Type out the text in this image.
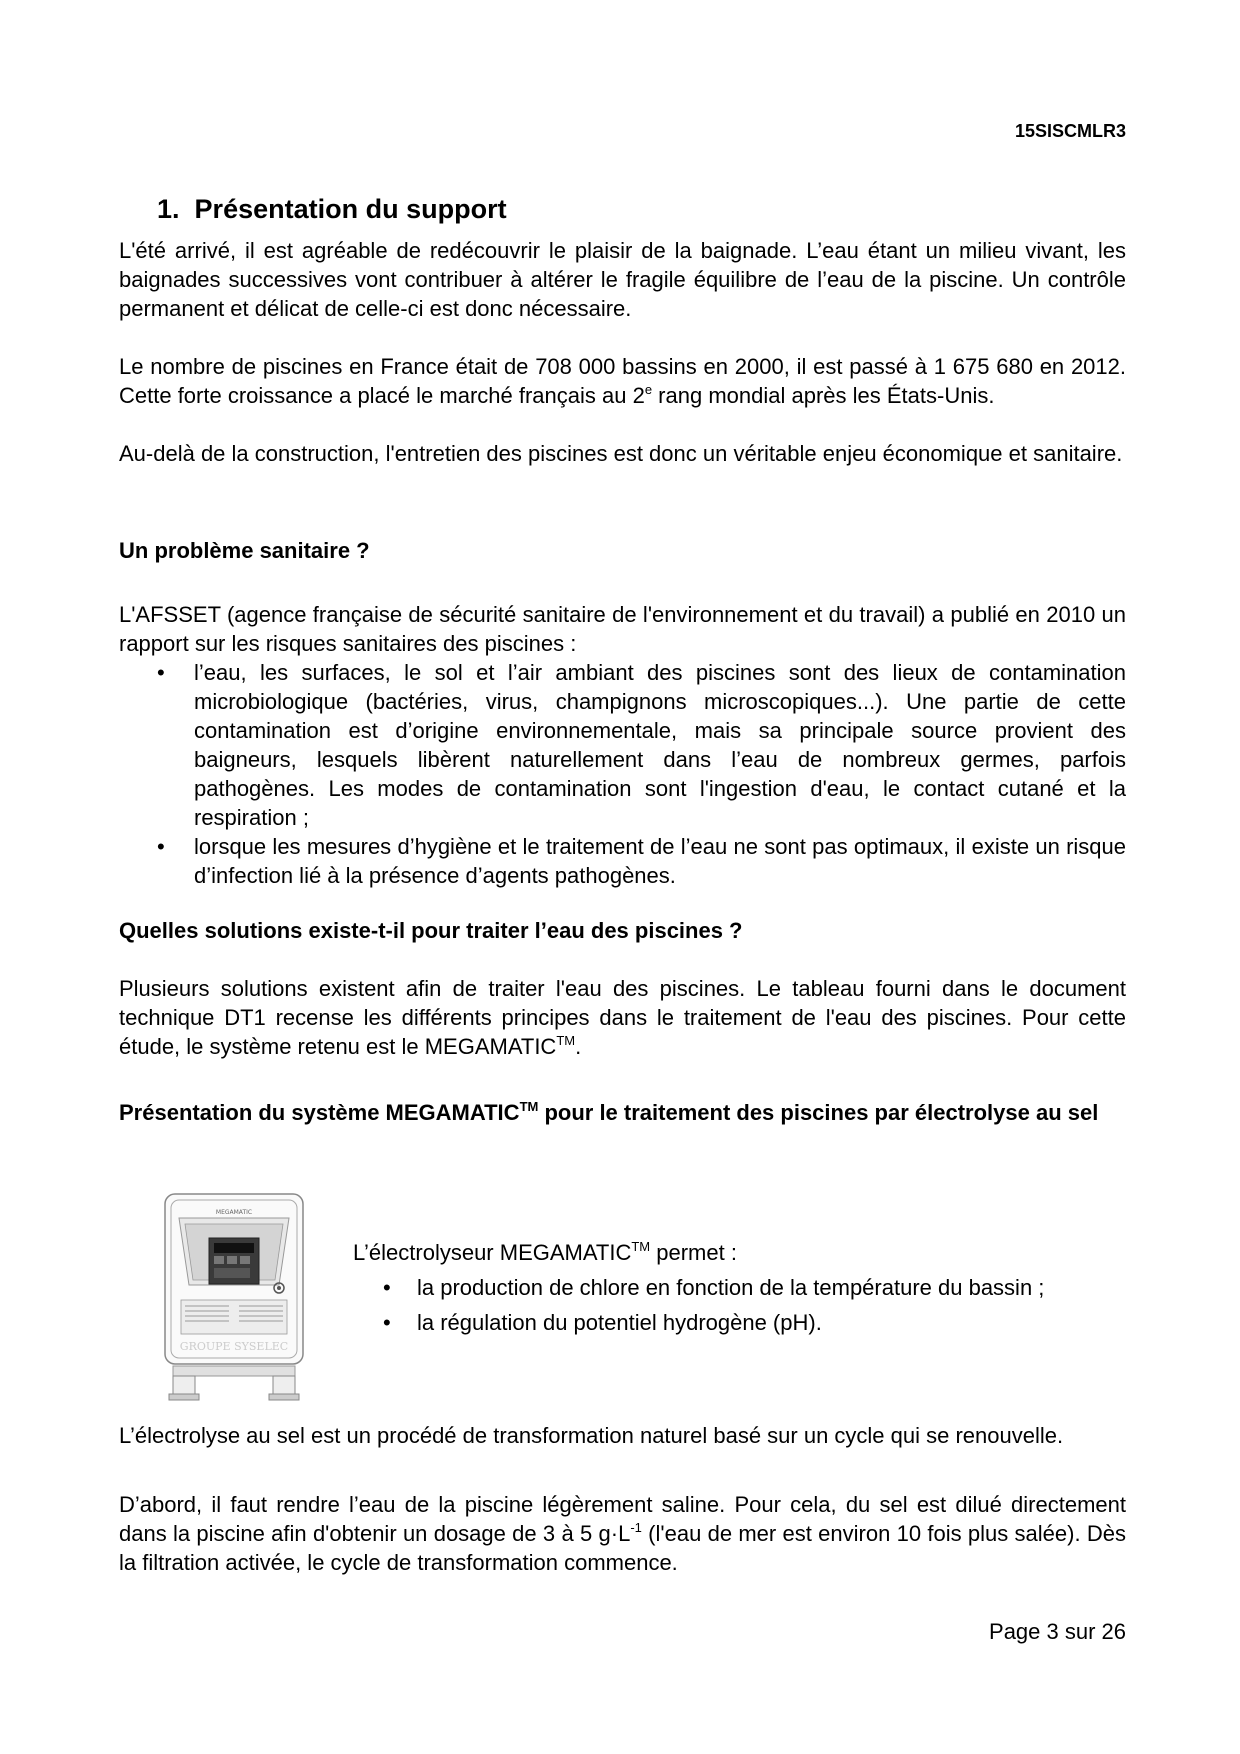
15SISCMLR3
1. Présentation du support

L'été arrivé, il est agréable de redécouvrir le plaisir de la baignade. L’eau étant un milieu vivant, les baignades successives vont contribuer à altérer le fragile équilibre de l’eau de la piscine. Un contrôle permanent et délicat de celle-ci est donc nécessaire.

Le nombre de piscines en France était de 708 000 bassins en 2000, il est passé à 1 675 680 en 2012. Cette forte croissance a placé le marché français au 2e rang mondial après les États-Unis.

Au-delà de la construction, l'entretien des piscines est donc un véritable enjeu économique et sanitaire.

Un problème sanitaire ?

L'AFSSET (agence française de sécurité sanitaire de l'environnement et du travail) a publié en 2010 un rapport sur les risques sanitaires des piscines :

• l’eau, les surfaces, le sol et l’air ambiant des piscines sont des lieux de contamination microbiologique (bactéries, virus, champignons microscopiques...). Une partie de cette contamination est d’origine environnementale, mais sa principale source provient des baigneurs, lesquels libèrent naturellement dans l’eau de nombreux germes, parfois pathogènes. Les modes de contamination sont l'ingestion d'eau, le contact cutané et la respiration ;
• lorsque les mesures d’hygiène et le traitement de l’eau ne sont pas optimaux, il existe un risque d’infection lié à la présence d’agents pathogènes.
Quelles solutions existe-t-il pour traiter l’eau des piscines ?

Plusieurs solutions existent afin de traiter l'eau des piscines. Le tableau fourni dans le document technique DT1 recense les différents principes dans le traitement de l'eau des piscines. Pour cette étude, le système retenu est le MEGAMATIC™.

Présentation du système MEGAMATIC™ pour le traitement des piscines par électrolyse au sel
MEGAMATIC
GROUPE SYSELEC

L’électrolyseur MEGAMATIC™ permet :

• la production de chlore en fonction de la température du bassin ;
• la régulation du potentiel hydrogène (pH).

L’électrolyse au sel est un procédé de transformation naturel basé sur un cycle qui se renouvelle.

D’abord, il faut rendre l’eau de la piscine légèrement saline. Pour cela, du sel est dilué directement dans la piscine afin d'obtenir un dosage de 3 à 5 $g\cdot L^{-1}$ (l'eau de mer est environ 10 fois plus salée). Dès la filtration activée, le cycle de transformation commence.

Page 3 sur 26
